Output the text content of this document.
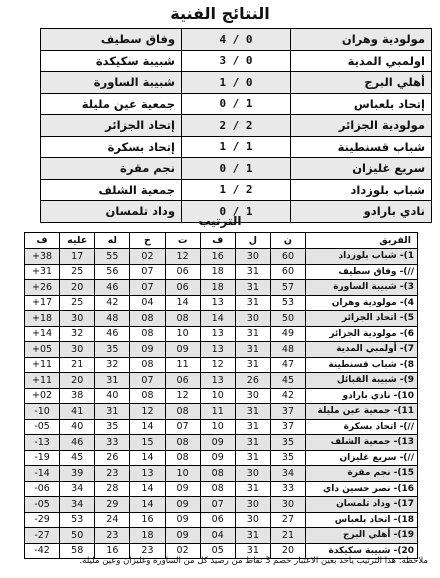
النتائج الفنية
مولودية وهران	4 / 0	وفاق سطيف
اولمبي المدية	3 / 0	شبيبة سكيكدة
أهلي البرج	1 / 0	شبيبة الساورة
إتحاد بلعباس	0 / 1	جمعية عين مليلة
مولودية الجزائر	2 / 2	إتحاد الجزائر
شباب قسنطينة	1 / 1	إتحاد بسكرة
سريع غليزان	0 / 1	نجم مقرة
شباب بلوزداد	1 / 2	جمعية الشلف
نادي بارادو	0 / 1	وداد تلمسان
الترتيب
الفريق	ن	ل	ف	ت	خ	له	عليه	ف
1)- شباب بلوزداد	60	30	16	12	02	55	17	+38
//)- وفاق سطيف	60	31	18	06	07	56	25	+31
3)- شبيبة الساورة	57	31	18	06	07	46	20	+26
4)- مولودية وهران	53	31	13	14	04	42	25	+17
5)- اتحاد الجزائر	50	30	14	08	08	48	30	+18
6)- مولودية الجزائر	49	31	13	10	08	46	32	+14
7)- أولمبي المدية	48	31	13	09	09	35	30	+05
8)- شباب قسنطينة	47	31	12	11	08	32	21	+11
9)- شبيبة القبائل	45	26	13	06	07	31	20	+11
10)- نادي بارادو	42	30	10	12	08	40	38	+02
11)- جمعية عين مليلة	37	31	11	08	12	31	41	-10
//)- اتحاد بسكرة	37	31	10	07	14	35	40	-05
13)- جمعية الشلف	35	31	09	08	15	33	46	-13
//)- سريع غليزان	35	31	09	08	14	26	45	-19
15)- نجم مقرة	34	30	08	10	13	23	39	-14
16)- نصر حسين داي	33	31	08	09	14	28	34	-06
17)- وداد تلمسان	30	30	07	09	14	29	34	-05
18)- اتحاد بلعباس	27	30	06	09	16	24	53	-29
19)- أهلي البرج	21	31	04	09	18	23	50	-27
20)- شبيبة سكيكدة	20	31	05	02	23	16	58	-42
ملاحظة: هذا الترتيب يأخذ بعين الاعتبار خصم 3 نقاط من رصيد كل من الساورة وغليزان وعين مليلة.
